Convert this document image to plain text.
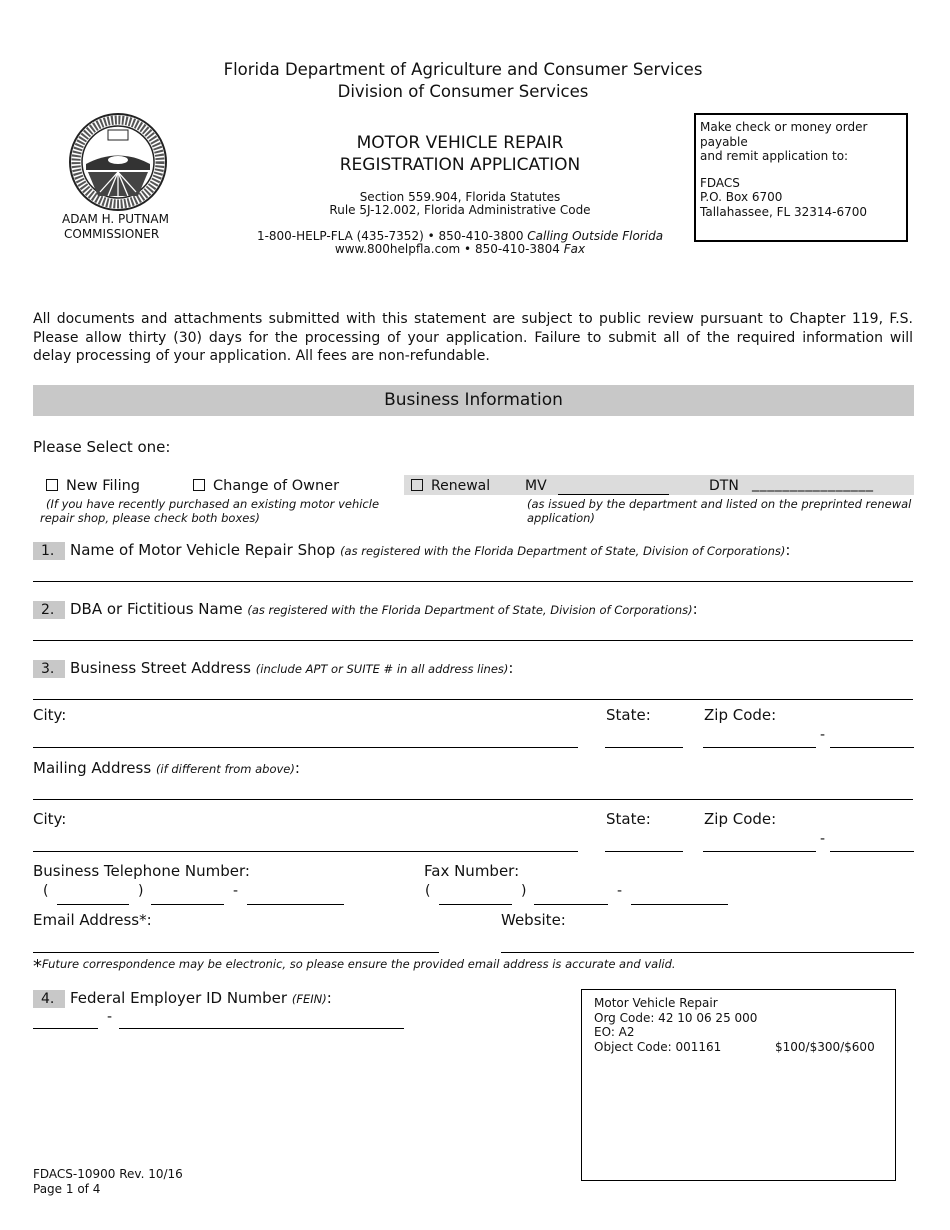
Florida Department of Agriculture and Consumer Services
Division of Consumer Services
ADAM H. PUTNAM
COMMISSIONER
MOTOR VEHICLE REPAIR
REGISTRATION APPLICATION
Section 559.904, Florida Statutes
Rule 5J-12.002, Florida Administrative Code
1-800-HELP-FLA (435-7352) • 850-410-3800 Calling Outside Florida
www.800helpfla.com • 850-410-3804 Fax
Make check or money order payable
and remit application to:
FDACS
P.O. Box 6700
Tallahassee, FL 32314-6700
All documents and attachments submitted with this statement are subject to public review pursuant to Chapter 119, F.S.
Please allow thirty (30) days for the processing of your application. Failure to submit all of the required information will
delay processing of your application. All fees are non-refundable.
Business Information
Please Select one:
New Filing	Change of Owner
(If you have recently purchased an existing motor vehicle
repair shop, please check both boxes)
Renewal MV	DTN ________________
(as issued by the department and listed on the preprinted renewal
application)
1. Name of Motor Vehicle Repair Shop (as registered with the Florida Department of State, Division of Corporations):
2. DBA or Fictitious Name (as registered with the Florida Department of State, Division of Corporations):
3. Business Street Address (include APT or SUITE # in all address lines):
City:	State:	Zip Code:
-
Mailing Address (if different from above):
City:	State:	Zip Code:
-
Business Telephone Number:
(	)	-
Fax Number:
(	)	-
Email Address*:	Website:
*Future correspondence may be electronic, so please ensure the provided email address is accurate and valid.
4. Federal Employer ID Number (FEIN):
-
Motor Vehicle Repair
Org Code: 42 10 06 25 000
EO: A2
Object Code: 001161	$100/$300/$600
FDACS-10900 Rev. 10/16
Page 1 of 4
